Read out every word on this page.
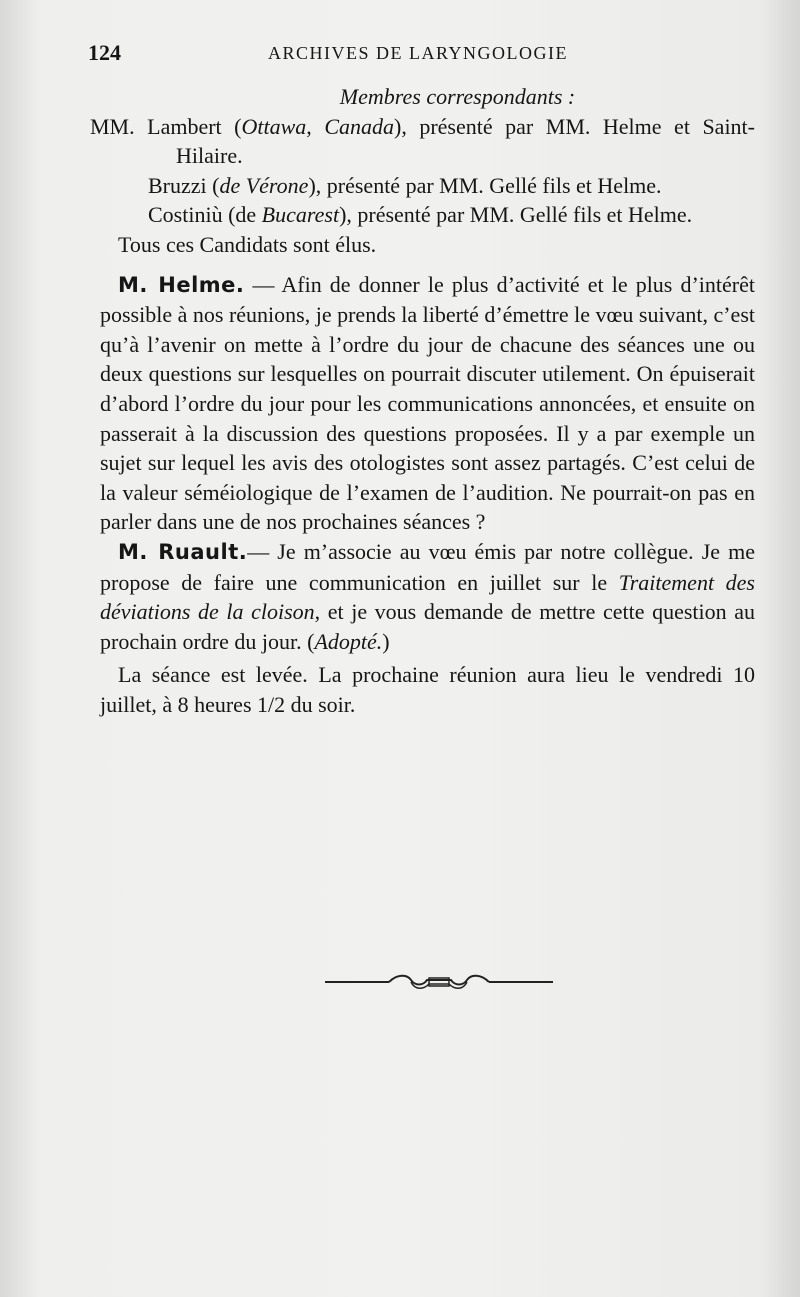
124	ARCHIVES DE LARYNGOLOGIE

Membres correspondants :

MM. Lambert (Ottawa, Canada), présenté par MM. Helme et Saint-Hilaire.

Bruzzi (de Vérone), présenté par MM. Gellé fils et Helme.

Costiniù (de Bucarest), présenté par MM. Gellé fils et Helme.

Tous ces Candidats sont élus.

M. Helme. — Afin de donner le plus d’activité et le plus d’intérêt possible à nos réunions, je prends la liberté d’émettre le vœu suivant, c’est qu’à l’avenir on mette à l’ordre du jour de chacune des séances une ou deux questions sur lesquelles on pourrait discuter utilement. On épuiserait d’abord l’ordre du jour pour les communications annoncées, et ensuite on passerait à la discussion des questions proposées. Il y a par exemple un sujet sur lequel les avis des otologistes sont assez partagés. C’est celui de la valeur séméiologique de l’examen de l’audition. Ne pourrait-on pas en parler dans une de nos prochaines séances ?

M. Ruault.— Je m’associe au vœu émis par notre collègue. Je me propose de faire une communication en juillet sur le Traitement des déviations de la cloison, et je vous demande de mettre cette question au prochain ordre du jour. (Adopté.)

La séance est levée. La prochaine réunion aura lieu le vendredi 10 juillet, à 8 heures 1/2 du soir.
